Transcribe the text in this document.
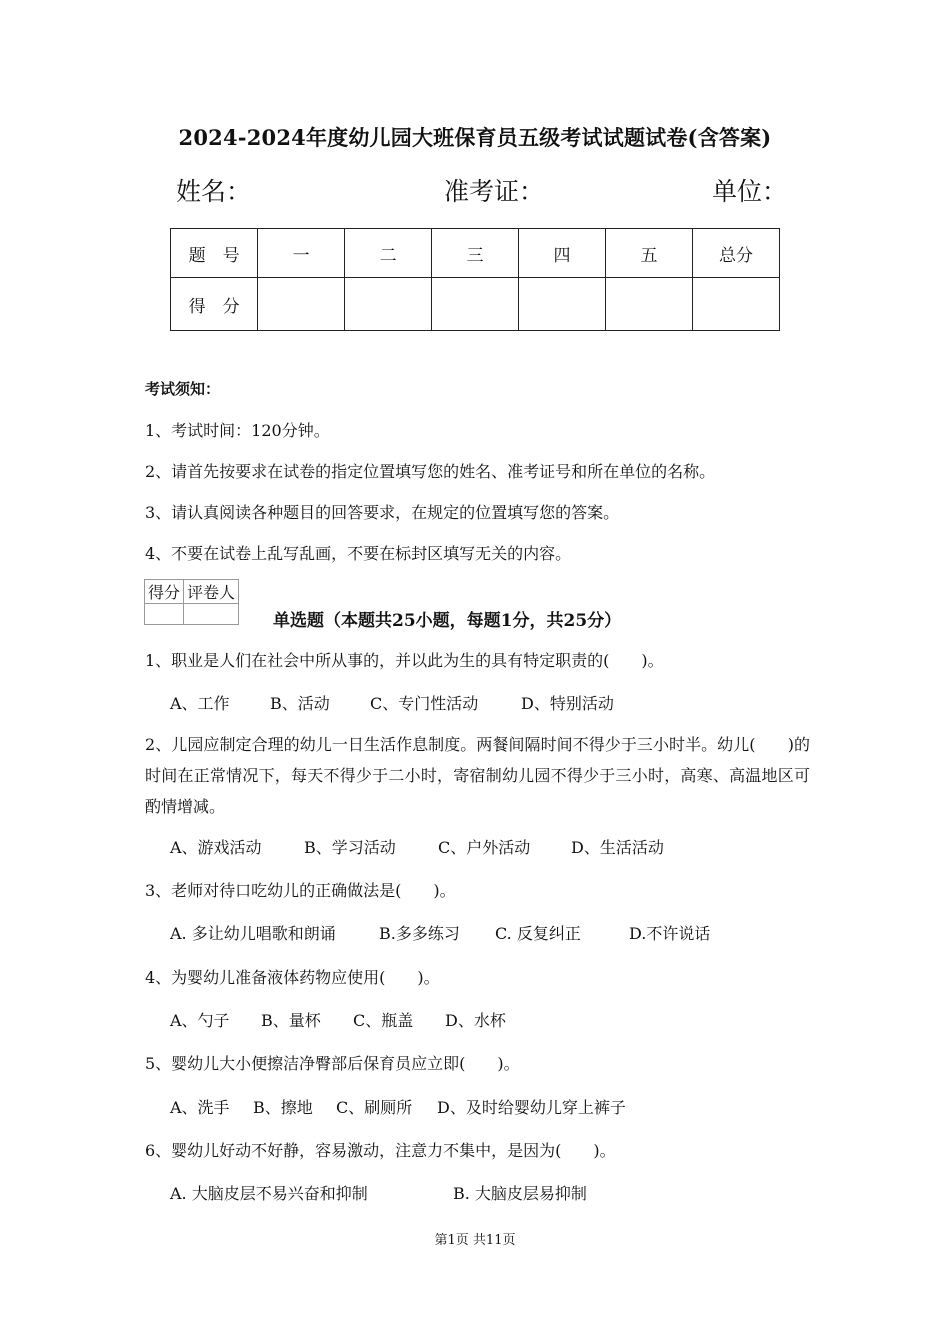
2024-2024年度幼儿园大班保育员五级考试试题试卷(含答案)
姓名：	准考证：	单位：
题　号	一	二	三	四	五	总分
得　分						
考试须知：
1、考试时间：120分钟。
2、请首先按要求在试卷的指定位置填写您的姓名、准考证号和所在单位的名称。
3、请认真阅读各种题目的回答要求，在规定的位置填写您的答案。
4、不要在试卷上乱写乱画，不要在标封区填写无关的内容。
得分	评卷人

单选题（本题共25小题，每题1分，共25分）
1、职业是人们在社会中所从事的，并以此为生的具有特定职责的(　　)。
A、工作	B、活动	C、专门性活动	D、特别活动
2、儿园应制定合理的幼儿一日生活作息制度。两餐间隔时间不得少于三小时半。幼儿(　　)的时间在正常情况下，每天不得少于二小时，寄宿制幼儿园不得少于三小时，高寒、高温地区可酌情增减。
A、游戏活动	B、学习活动	C、户外活动	D、生活活动
3、老师对待口吃幼儿的正确做法是(　　)。
A. 多让幼儿唱歌和朗诵	B.多多练习 C. 反复纠正	D.不许说话
4、为婴幼儿准备液体药物应使用(　　)。
A、勺子 B、量杯 C、瓶盖 D、水杯
5、婴幼儿大小便擦洁净臀部后保育员应立即(　　)。
A、洗手 B、擦地 C、刷厕所 D、及时给婴幼儿穿上裤子
6、婴幼儿好动不好静，容易激动，注意力不集中，是因为(　　)。
A. 大脑皮层不易兴奋和抑制	B. 大脑皮层易抑制
第1页 共11页
